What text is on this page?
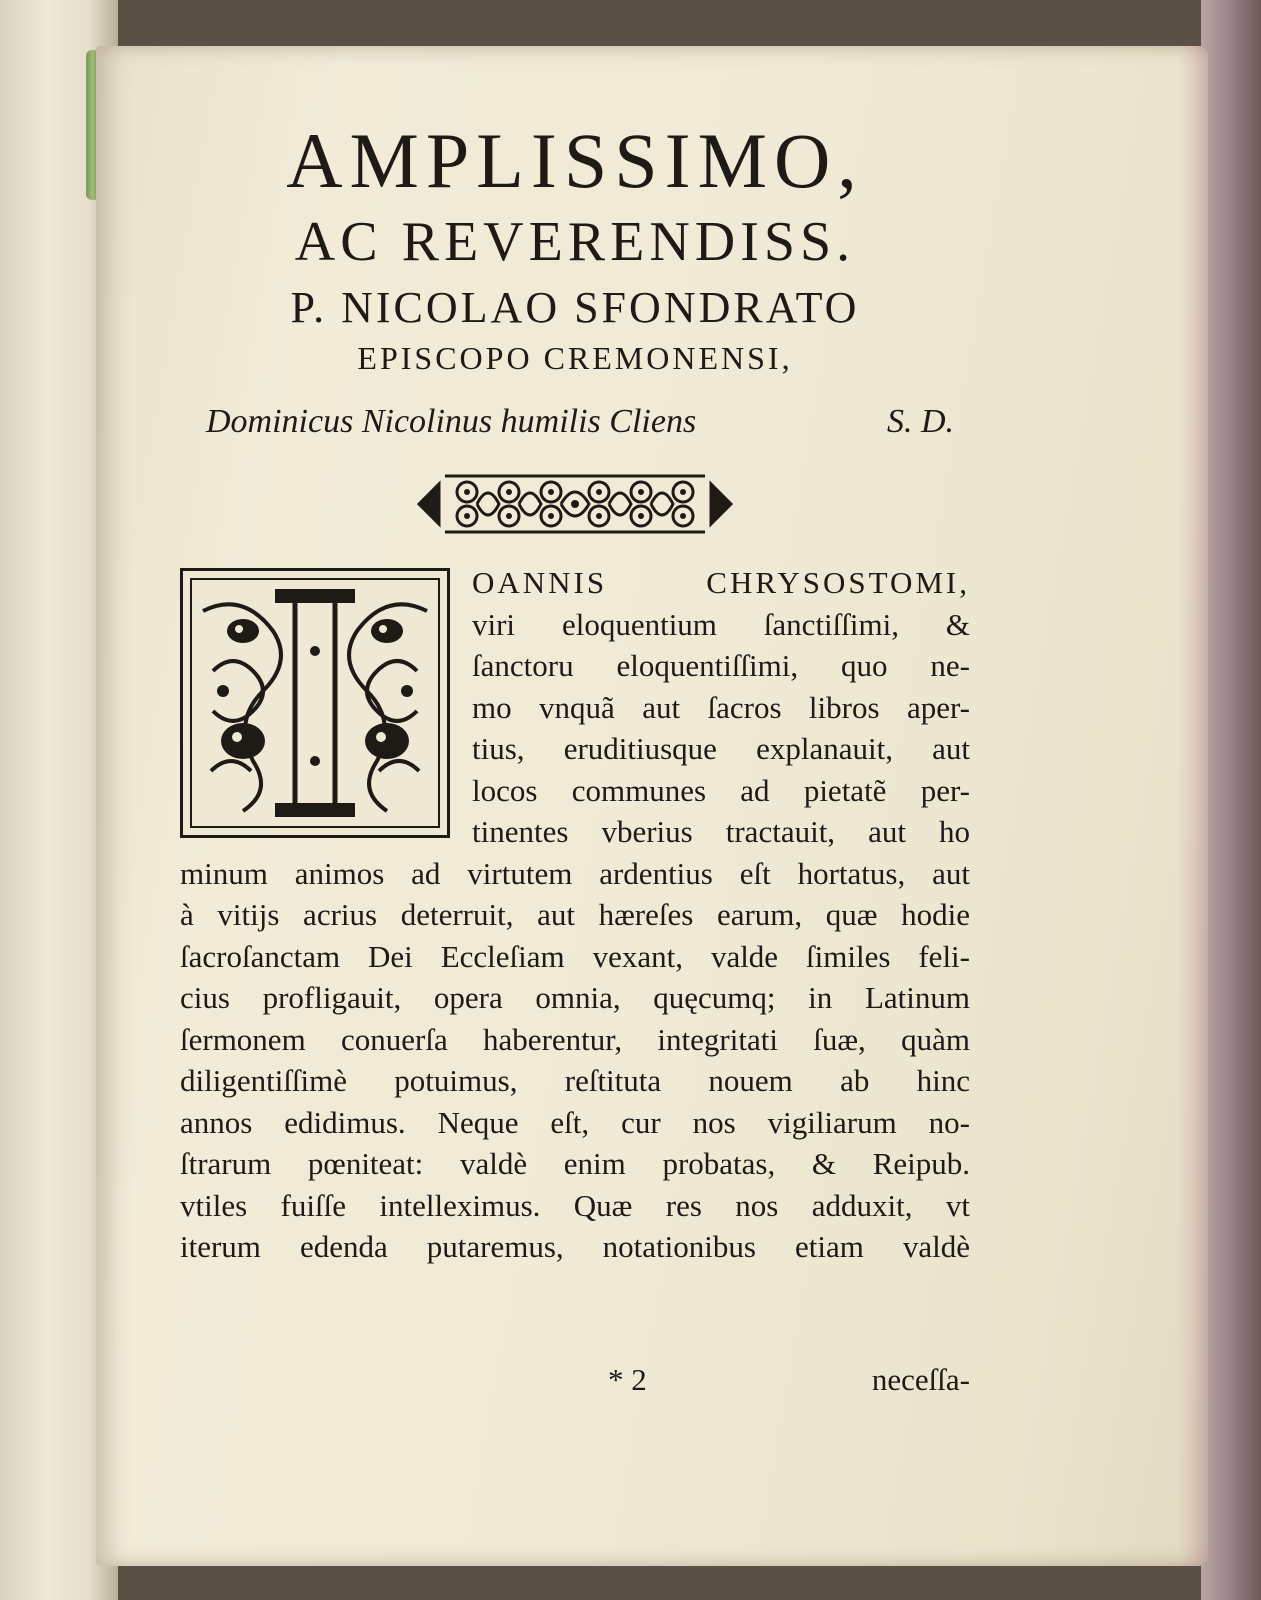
AMPLISSIMO,
AC REVERENDISS.
P. NICOLAO SFONDRATO
EPISCOPO CREMONENSI,
Dominicus Nicolinus humilis Cliens	S. D.
OANNIS CHRYSOSTOMI,
viri eloquentium ſanctiſſimi, &
ſanctoru eloquentiſſimi, quo ne-
mo vnquã aut ſacros libros aper-
tius, eruditiusque explanauit, aut
locos communes ad pietatẽ per-
tinentes vberius tractauit, aut ho
minum animos ad virtutem ardentius eſt hortatus, aut
à vitijs acrius deterruit, aut hæreſes earum, quæ hodie
ſacroſanctam Dei Eccleſiam vexant, valde ſimiles feli-
cius profligauit, opera omnia, quęcumq; in Latinum
ſermonem conuerſa haberentur, integritati ſuæ, quàm
diligentiſſimè potuimus, reſtituta nouem ab hinc
annos edidimus. Neque eſt, cur nos vigiliarum no-
ſtrarum pœniteat: valdè enim probatas, & Reipub.
vtiles fuiſſe intelleximus. Quæ res nos adduxit, vt
iterum edenda putaremus, notationibus etiam valdè
* 2	neceſſa-
